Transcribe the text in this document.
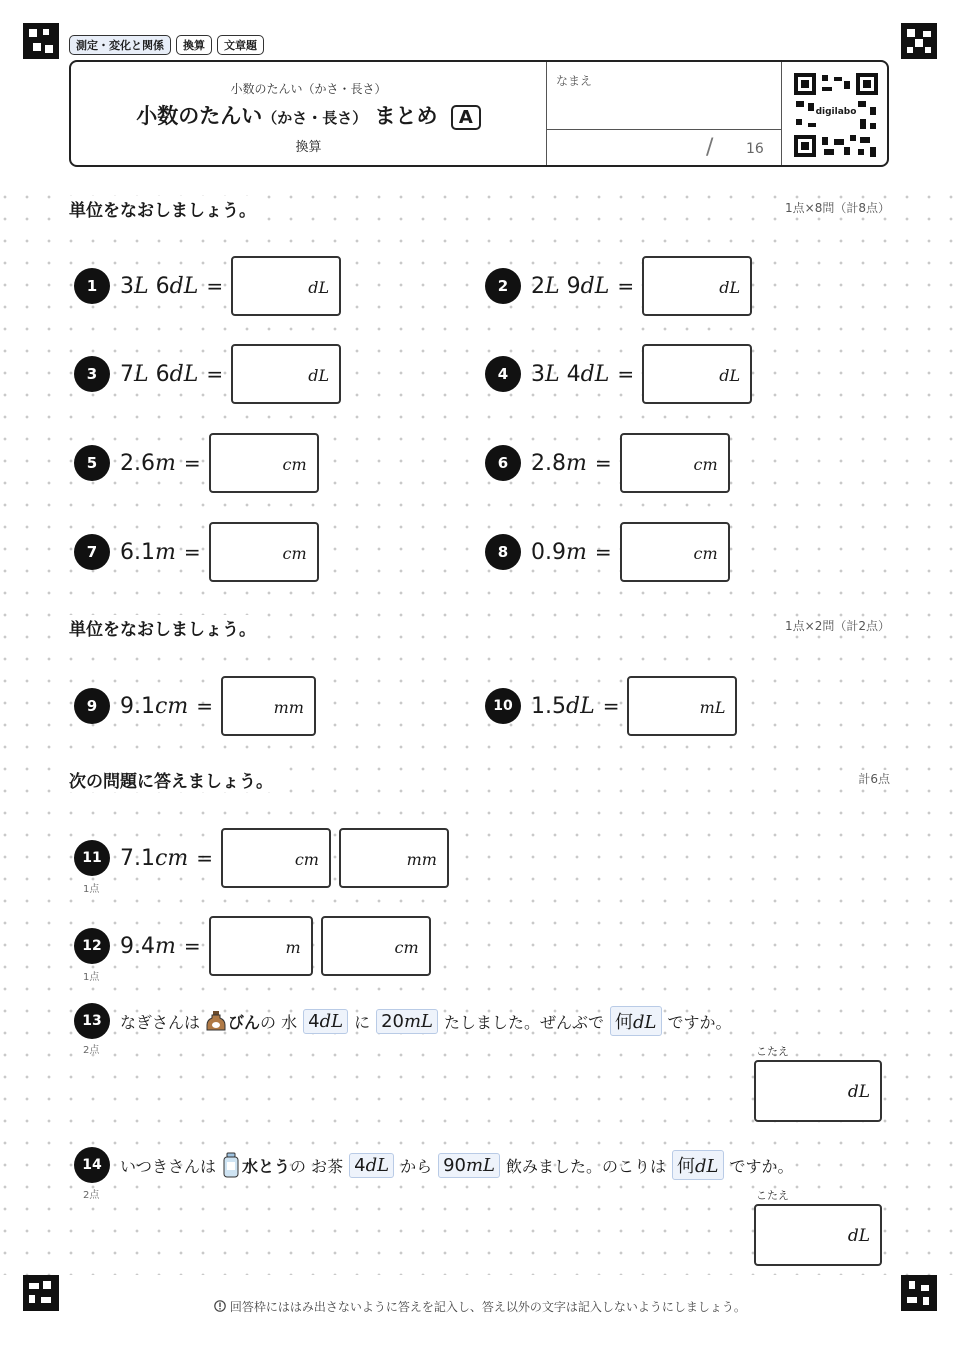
測定・変化と関係	換算	文章題
小数のたんい（かさ・長さ）
小数のたんい（かさ・長さ） まとめ A
換算
なまえ
/ 16
digilabo
単位をなおしましょう。	1点×8問（計8点）
1	3L 6dL =	dL	2	2L 9dL =	dL
3	7L 6dL =	dL	4	3L 4dL =	dL
5	2.6m =	cm	6	2.8m =	cm
7	6.1m =	cm	8	0.9m =	cm
単位をなおしましょう。	1点×2問（計2点）
9	9.1cm =	mm	10 1.5dL =	mL
次の問題に答えましょう。	計6点
11 7.1cm =	cm	mm
1点
12 9.4m =	m	cm
1点
13	なぎさんは びん の 水 4dL に 20mL たしました。ぜんぶで 何dL ですか。
2点	こたえ
dL
14	いつきさんは 水とう の お茶 4dL から 90mL 飲みました。のこりは 何dL ですか。
2点	こたえ
dL
回答枠にははみ出さないように答えを記入し、答え以外の文字は記入しないようにしましょう。
